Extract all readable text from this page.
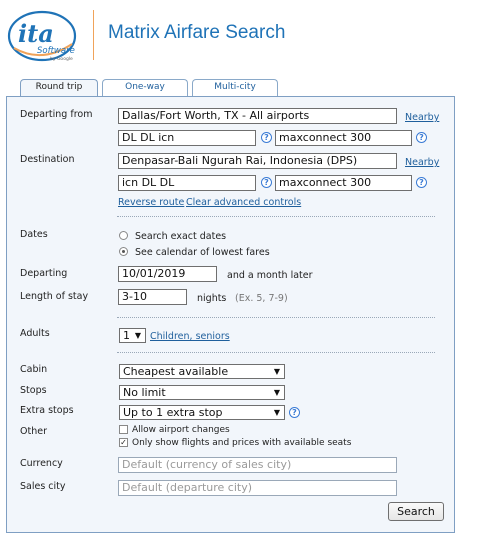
ita
Software
by Google
Matrix Airfare Search
Round trip	One-way	Multi-city
Departing from	Dallas/Fort Worth, TX - All airports	Nearby
DL DL icn	? maxconnect 300	?
Destination	Denpasar-Bali Ngurah Rai, Indonesia (DPS)	Nearby
icn DL DL	? maxconnect 300	?
Reverse route Clear advanced controls
Dates	Search exact dates
See calendar of lowest fares
Departing	10/01/2019	and a month later
Length of stay	3-10	nights (Ex. 5, 7-9)
Adults	1 ▼ Children, seniors
Cabin	Cheapest available	▼
Stops	No limit	▼
Extra stops	Up to 1 extra stop	▼	?
Other	Allow airport changes
✓ Only show flights and prices with available seats
Currency	Default (currency of sales city)
Sales city	Default (departure city)
Search
